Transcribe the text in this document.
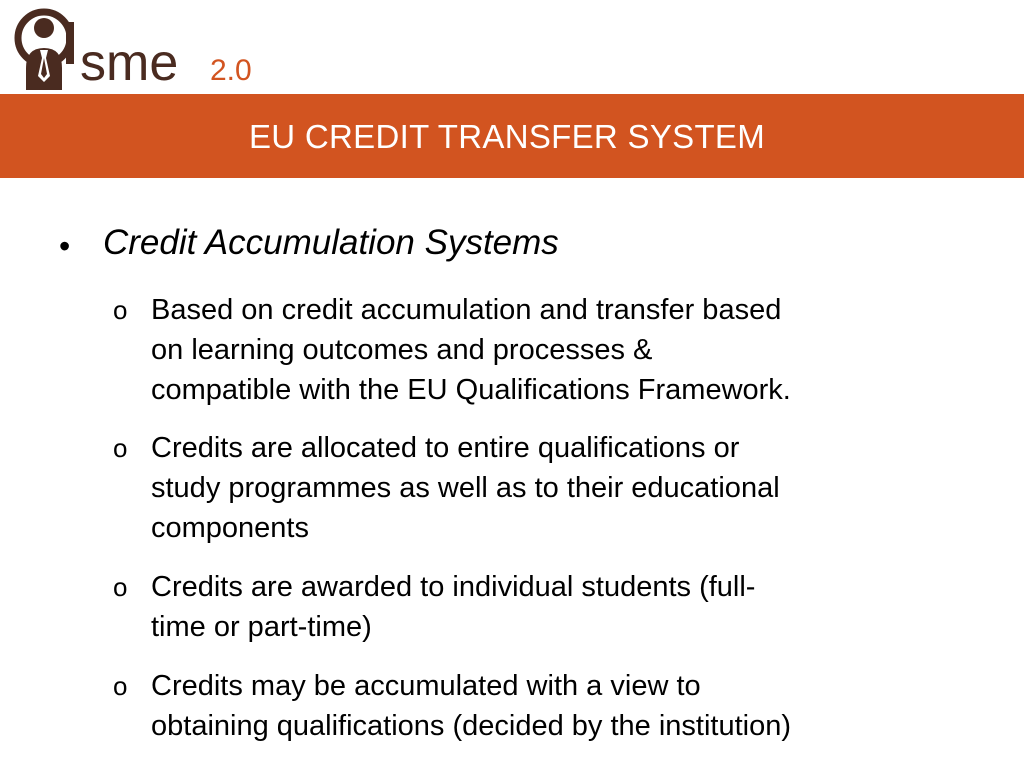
sme 2.0
EU CREDIT TRANSFER SYSTEM
• Credit Accumulation Systems
o Based on credit accumulation and transfer based
on learning outcomes and processes &
compatible with the EU Qualifications Framework.
o Credits are allocated to entire qualifications or
study programmes as well as to their educational
components
o Credits are awarded to individual students (full-
time or part-time)
o Credits may be accumulated with a view to
obtaining qualifications (decided by the institution)
